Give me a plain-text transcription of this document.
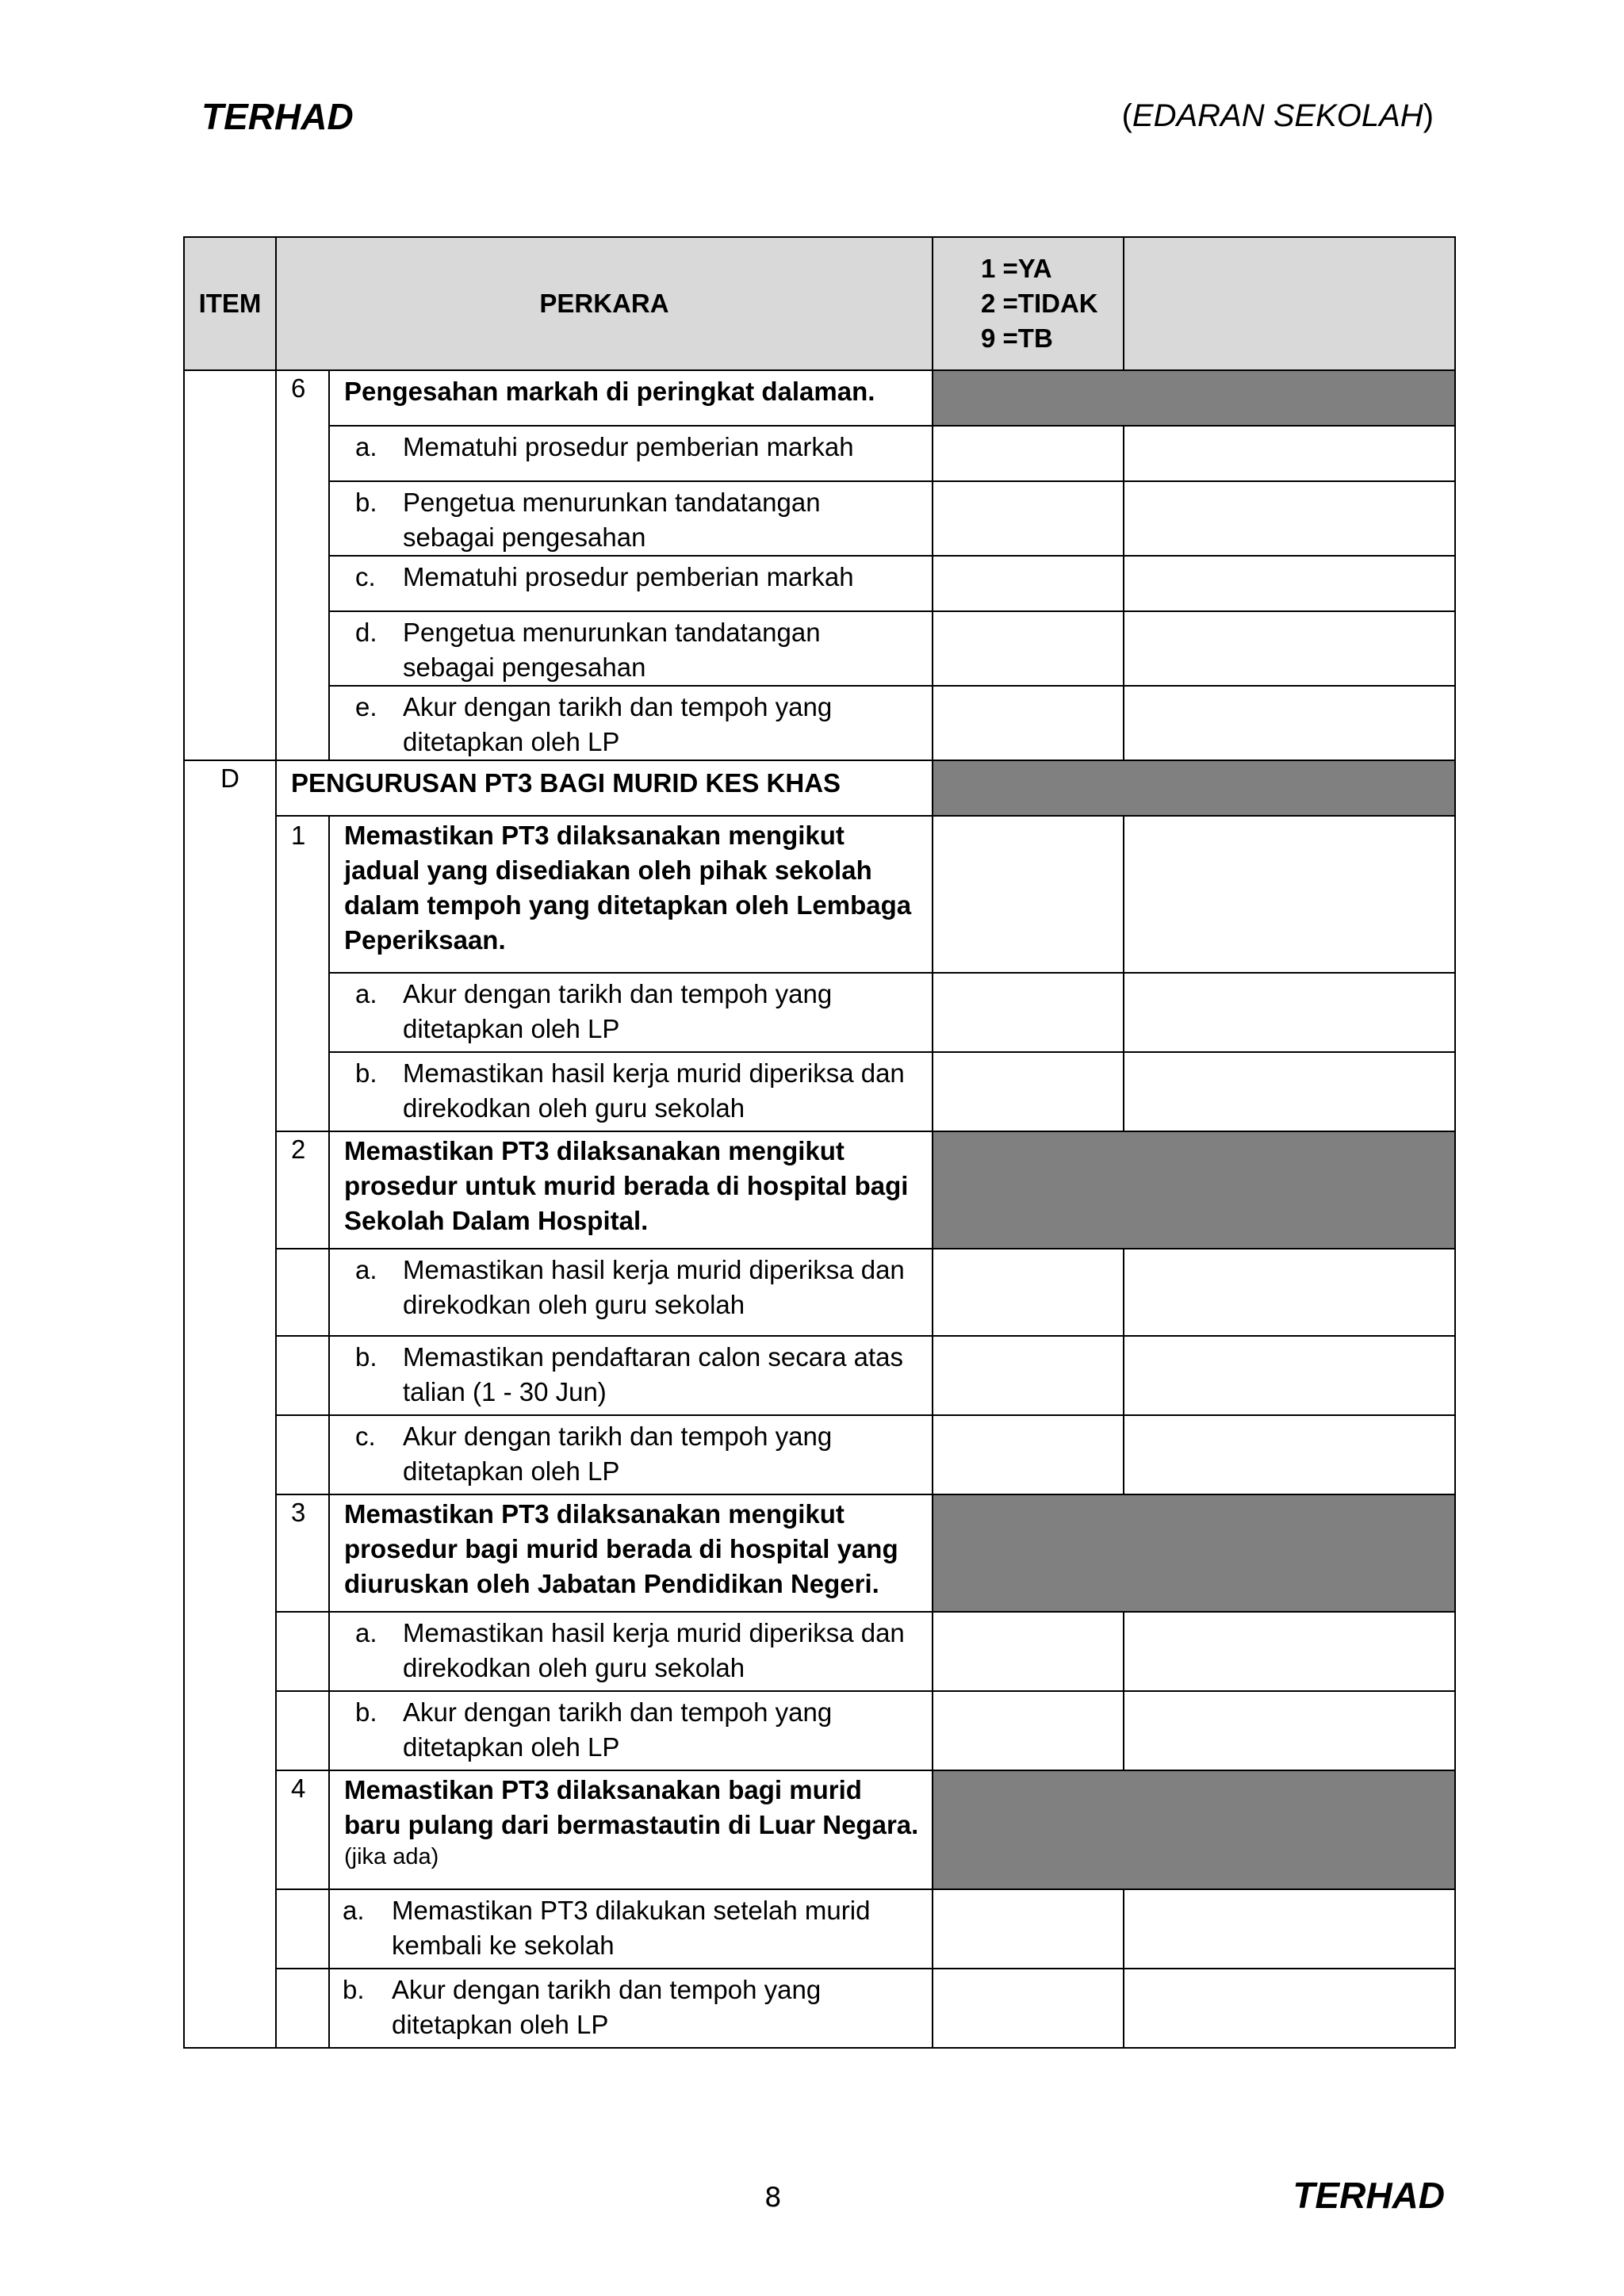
TERHAD	(EDARAN SEKOLAH)
ITEM	PERKARA		1 =YA
2 =TIDAK
9 =TB	

	6	Pengesahan markah di peringkat dalaman.		

		a. Mematuhi prosedur pemberian markah		

		b. Pengetua menurunkan tandatangan sebagai pengesahan		

		c. Mematuhi prosedur pemberian markah		

		d. Pengetua menurunkan tandatangan sebagai pengesahan		

		e. Akur dengan tarikh dan tempoh yang ditetapkan oleh LP		

D	PENGURUSAN PT3 BAGI MURID KES KHAS			
	1	Memastikan PT3 dilaksanakan mengikut jadual yang disediakan oleh pihak sekolah dalam tempoh yang ditetapkan oleh Lembaga Peperiksaan.		

		a. Akur dengan tarikh dan tempoh yang ditetapkan oleh LP		

		b. Memastikan hasil kerja murid diperiksa dan direkodkan oleh guru sekolah		

	2	Memastikan PT3 dilaksanakan mengikut prosedur untuk murid berada di hospital bagi Sekolah Dalam Hospital.		

		a. Memastikan hasil kerja murid diperiksa dan direkodkan oleh guru sekolah		

		b. Memastikan pendaftaran calon secara atas talian (1 - 30 Jun)		

		c. Akur dengan tarikh dan tempoh yang ditetapkan oleh LP		

	3	Memastikan PT3 dilaksanakan mengikut prosedur bagi murid berada di hospital yang diuruskan oleh Jabatan Pendidikan Negeri.		

		a. Memastikan hasil kerja murid diperiksa dan direkodkan oleh guru sekolah		

		b. Akur dengan tarikh dan tempoh yang ditetapkan oleh LP		

	4	Memastikan PT3 dilaksanakan bagi murid baru pulang dari bermastautin di Luar Negara.
(jika ada)		

		a. Memastikan PT3 dilakukan setelah murid kembali ke sekolah		

		b. Akur dengan tarikh dan tempoh yang ditetapkan oleh LP		

8	TERHAD
